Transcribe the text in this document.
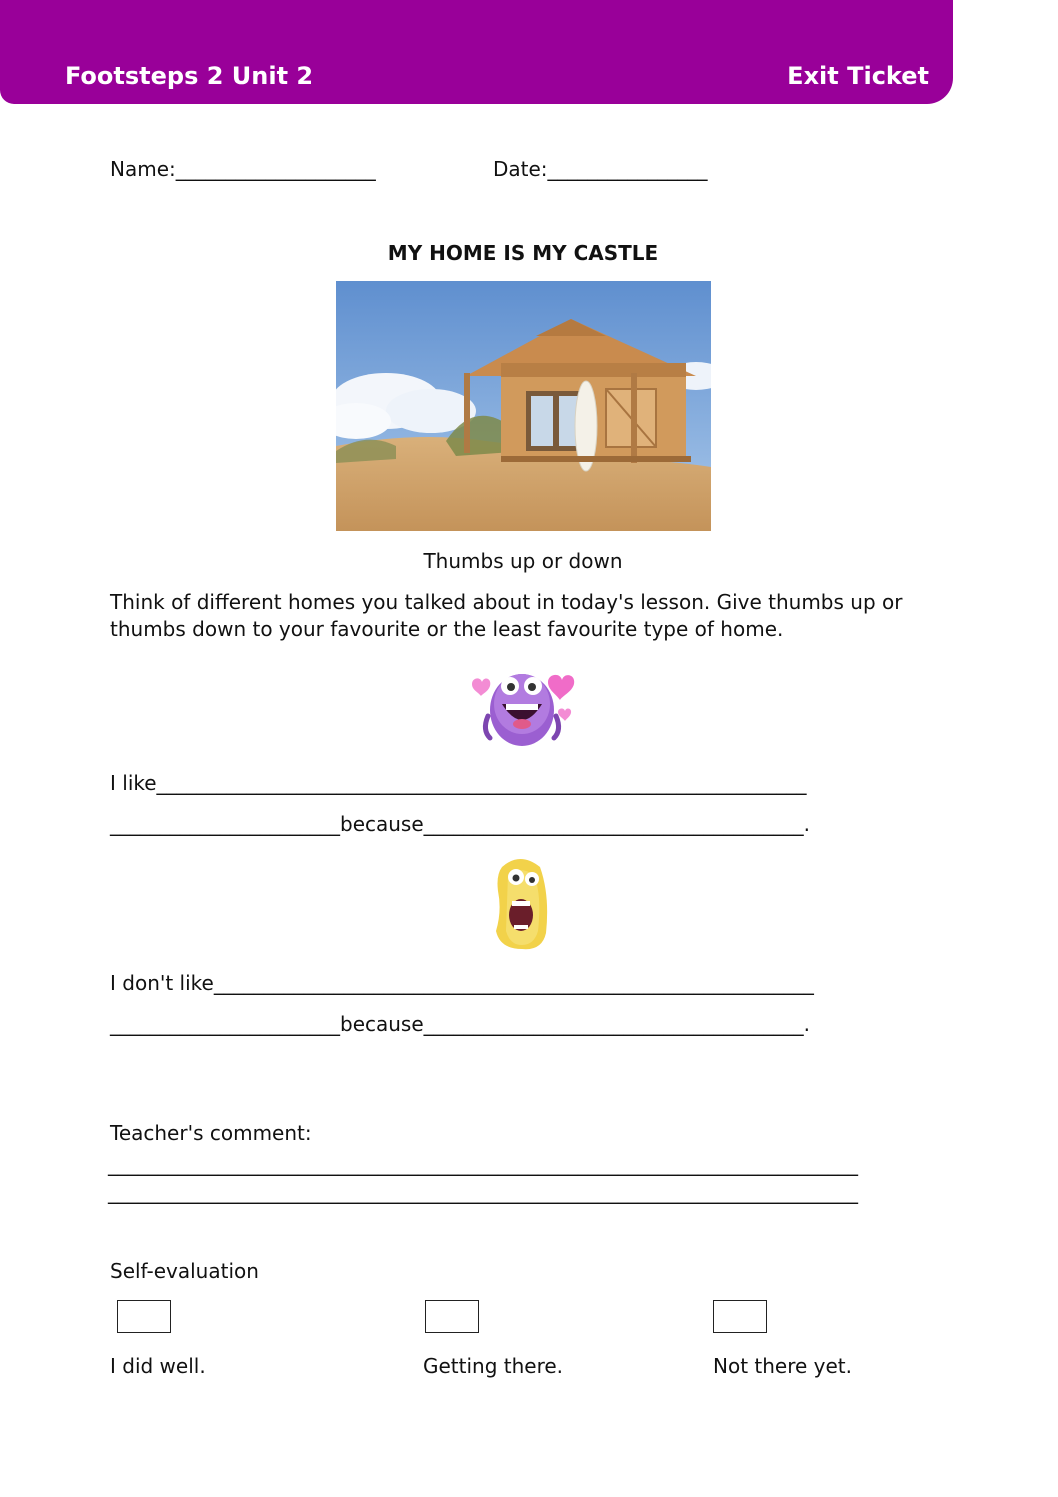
Footsteps 2 Unit 2	Exit Ticket
Name:____________________	Date:________________
MY HOME IS MY CASTLE
Thumbs up or down
Think of different homes you talked about in today's lesson. Give thumbs up or thumbs down to your favourite or the least favourite type of home.
I like_________________________________________________________________
_______________________because______________________________________.
I don't like____________________________________________________________
_______________________because______________________________________.
Teacher's comment:
___________________________________________________________________________
___________________________________________________________________________
Self-evaluation
I did well.	Getting there.	Not there yet.
